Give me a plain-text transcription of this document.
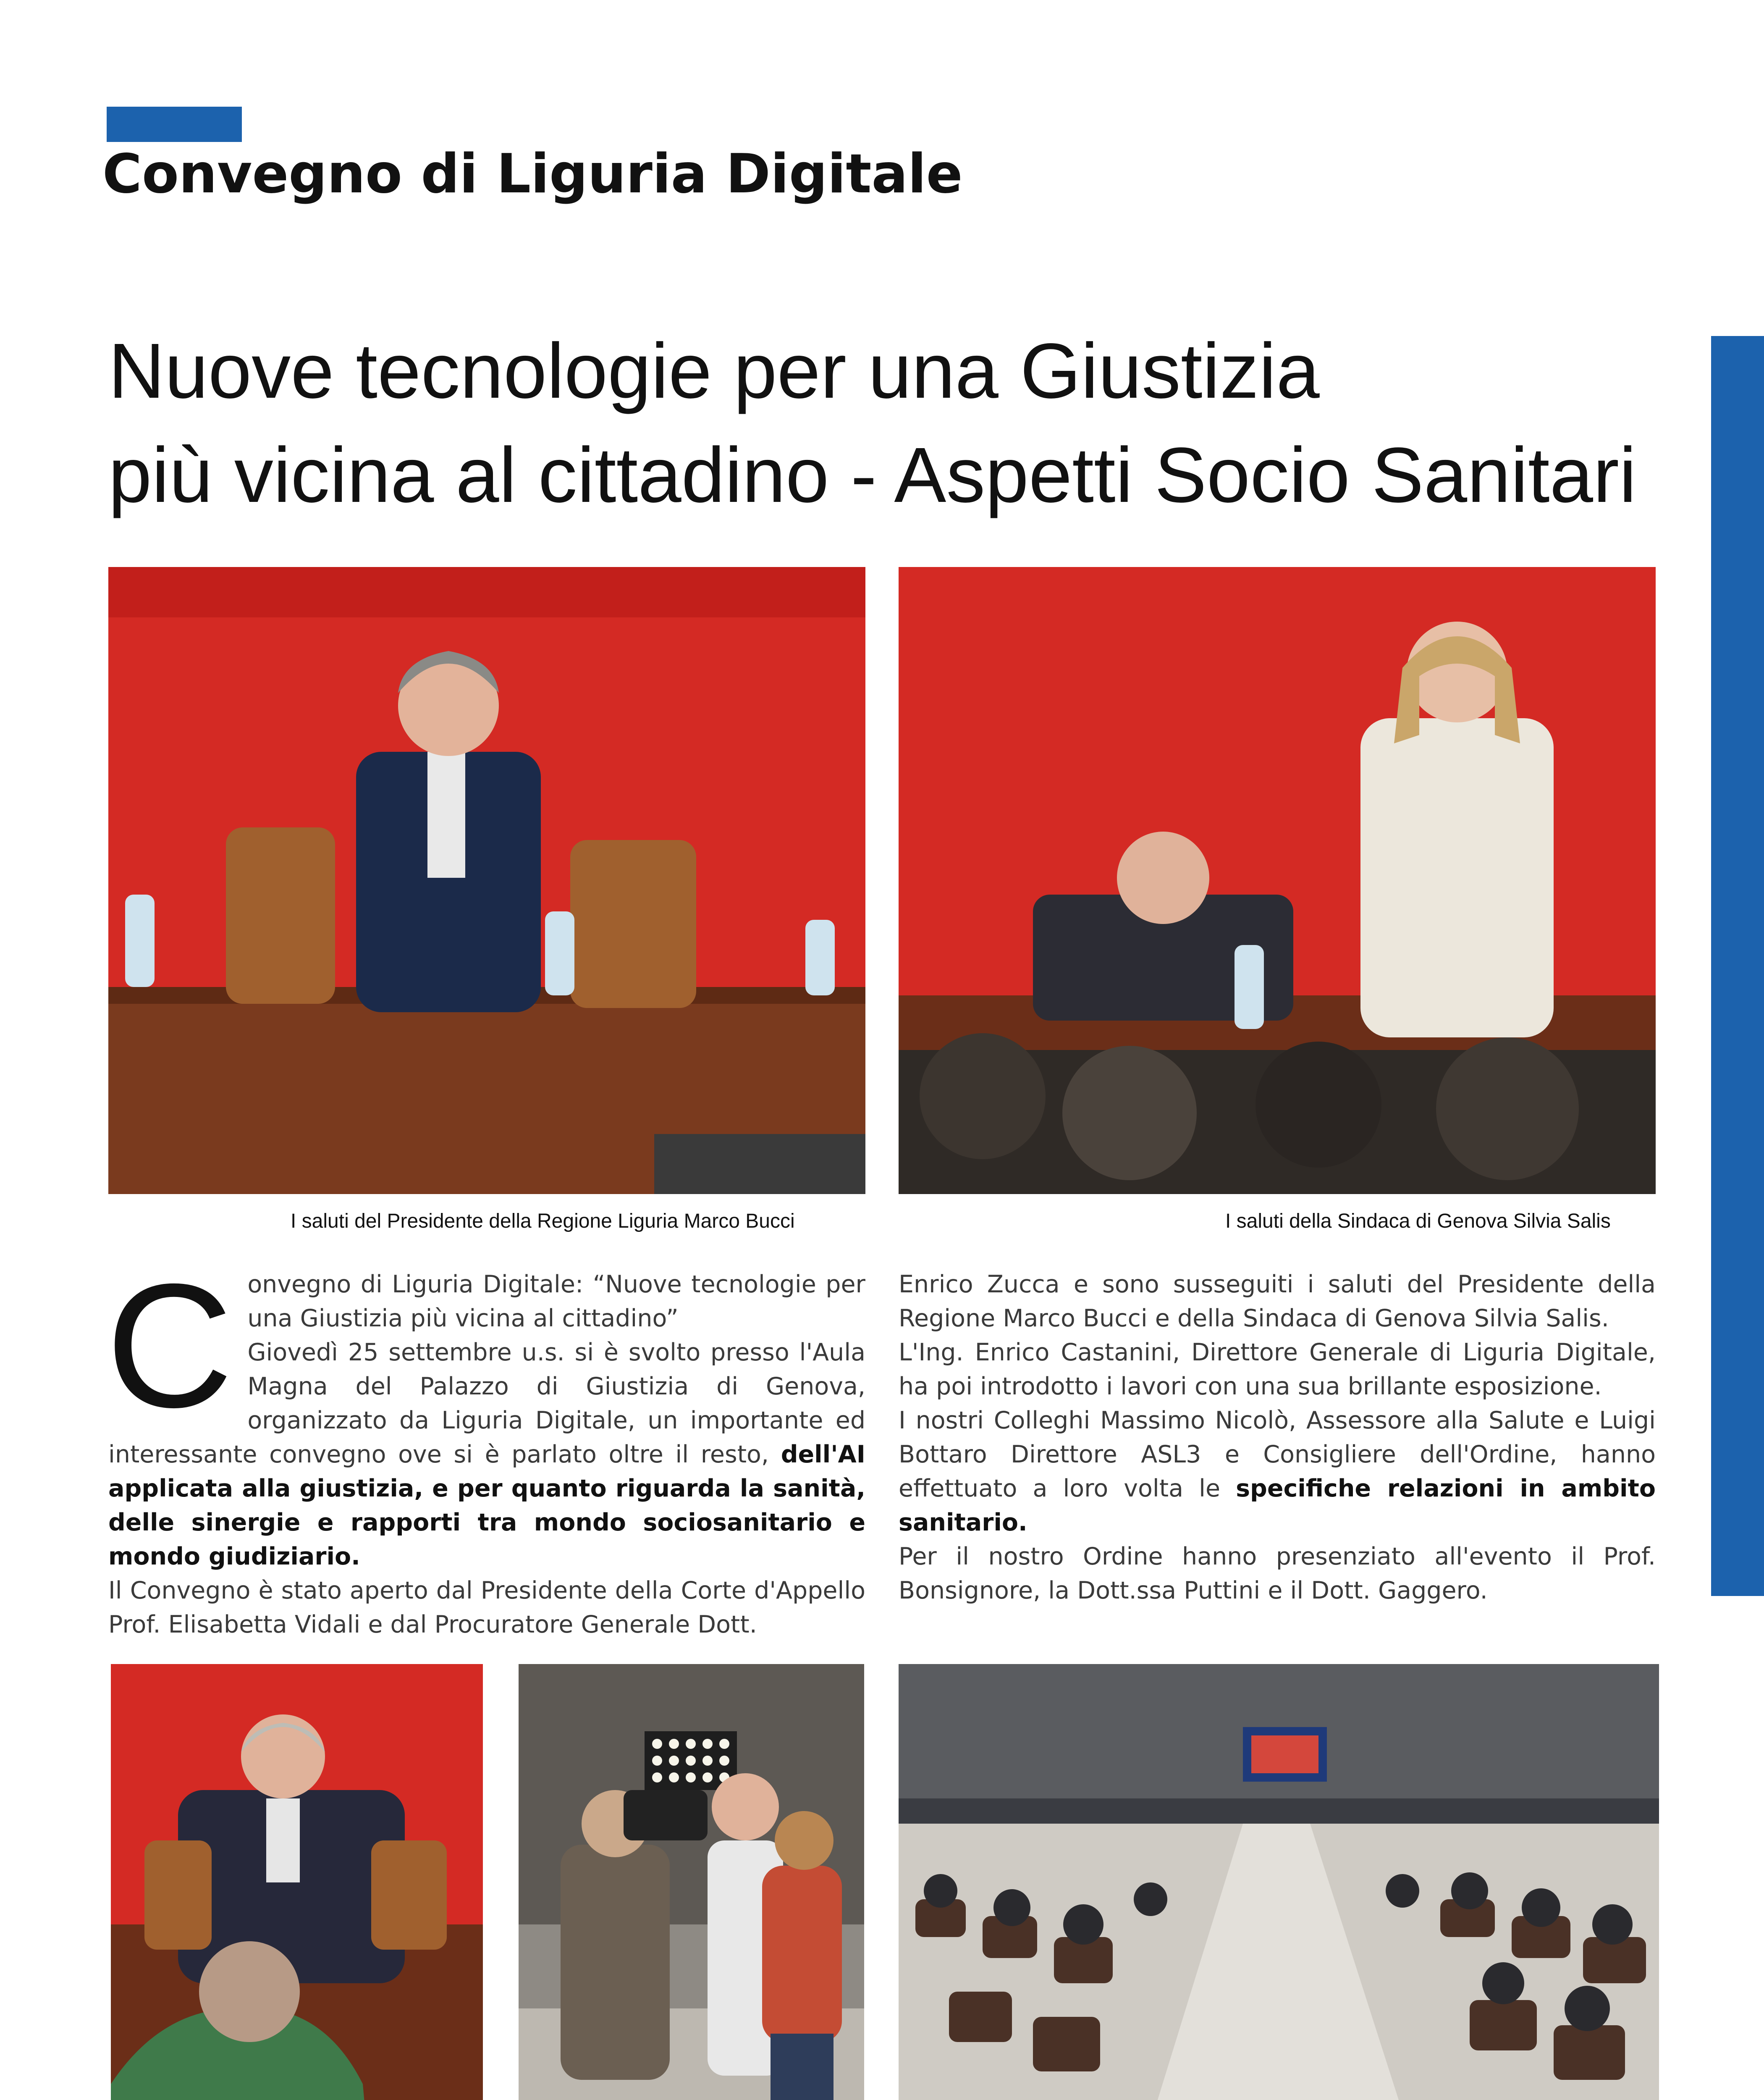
Convegno di Liguria Digitale
Nuove tecnologie per una Giustizia
più vicina al cittadino - Aspetti Socio Sanitari
I saluti del Presidente della Regione Liguria Marco Bucci	I saluti della Sindaca di Genova Silvia Salis

Convegno di Liguria Digitale: “Nuove tecnologie per una Giustizia più vicina al cittadino”

Giovedì 25 settembre u.s. si è svolto presso l'Aula Magna del Palazzo di Giustizia di Genova, organizzato da Liguria Digitale, un importante ed interessante convegno ove si è parlato oltre il resto, dell'AI applicata alla giustizia, e per quanto riguarda la sanità, delle sinergie e rapporti tra mondo sociosanitario e mondo giudiziario.

Il Convegno è stato aperto dal Presidente della Corte d'Appello Prof. Elisabetta Vidali e dal Procuratore Generale Dott.

Enrico Zucca e sono susseguiti i saluti del Presidente della Regione Marco Bucci e della Sindaca di Genova Silvia Salis.

L'Ing. Enrico Castanini, Direttore Generale di Liguria Digitale, ha poi introdotto i lavori con una sua brillante esposizione.

I nostri Colleghi Massimo Nicolò, Assessore alla Salute e Luigi Bottaro Direttore ASL3 e Consigliere dell'Ordine, hanno effettuato a loro volta le specifiche relazioni in ambito sanitario.

Per il nostro Ordine hanno presenziato all'evento il Prof. Bonsignore, la Dott.ssa Puttini e il Dott. Gaggero.
